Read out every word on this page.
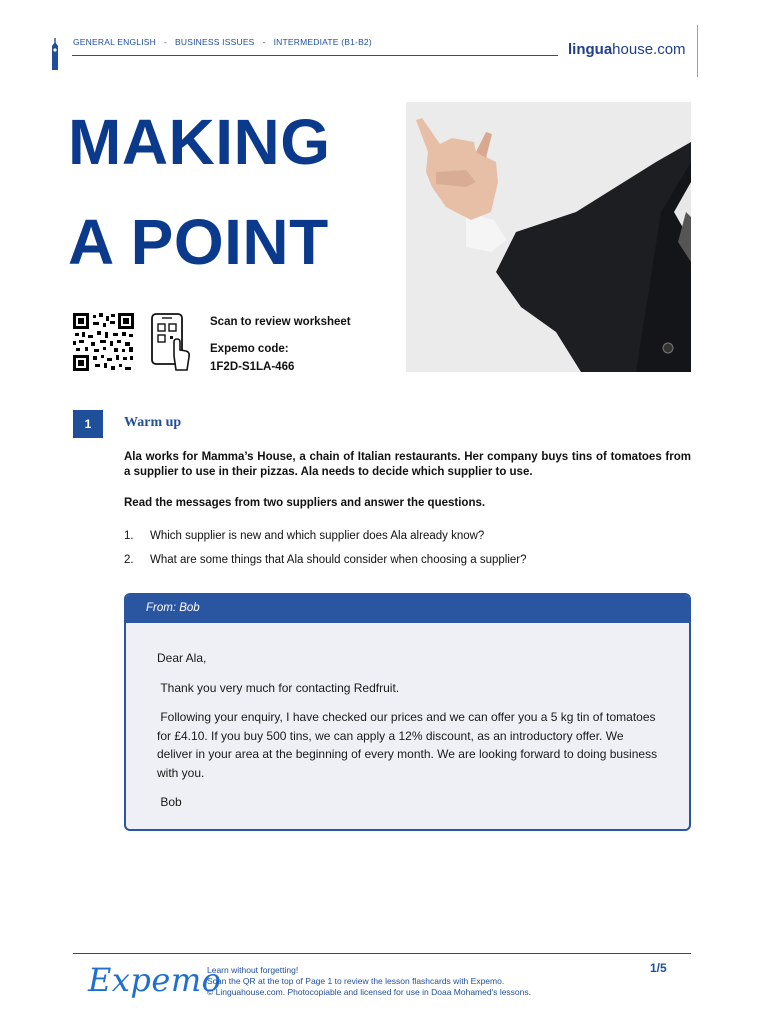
GENERAL ENGLISH - BUSINESS ISSUES - INTERMEDIATE (B1-B2)	linguahouse.com
MAKING
A POINT
Scan to review worksheet
Expemo code:
1F2D-S1LA-466
1	Warm up
Ala works for Mamma’s House, a chain of Italian restaurants. Her company buys tins of tomatoes from a supplier to use in their pizzas. Ala needs to decide which supplier to use.
Read the messages from two suppliers and answer the questions.
1.	Which supplier is new and which supplier does Ala already know?
2.	What are some things that Ala should consider when choosing a supplier?
From: Bob

Dear Ala,

Thank you very much for contacting Redfruit.

Following your enquiry, I have checked our prices and we can offer you a 5 kg tin of tomatoes for £4.10. If you buy 500 tins, we can apply a 12% discount, as an introductory offer. We deliver in your area at the beginning of every month. We are looking forward to doing business with you.

Bob

Expemo
Learn without forgetting!
Scan the QR at the top of Page 1 to review the lesson flashcards with Expemo.
© Linguahouse.com. Photocopiable and licensed for use in Doaa Mohamed's lessons.
1/5
